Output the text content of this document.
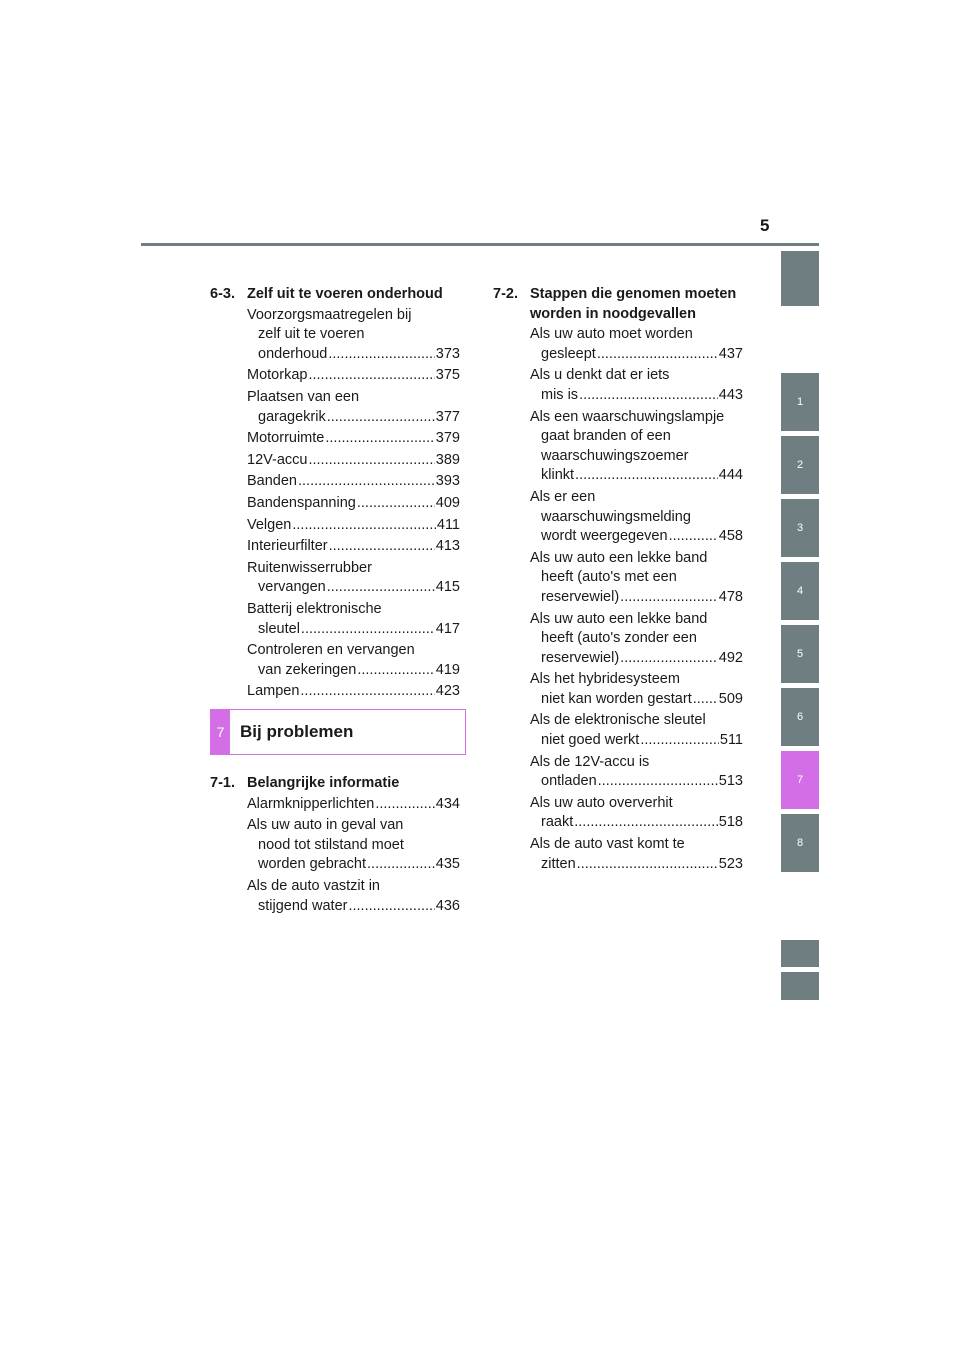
5
6-3. Zelf uit te voeren onderhoud
Voorzorgsmaatregelen bij
zelf uit te voeren
onderhoud .....	373
Motorkap .....	375
Plaatsen van een
garagekrik .....	377
Motorruimte .....	379
12V-accu .....	389
Banden .....	393
Bandenspanning .....	409
Velgen .....	411
Interieurfilter .....	413
Ruitenwisserrubber
vervangen .....	415
Batterij elektronische
sleutel .....	417
Controleren en vervangen
van zekeringen .....	419
Lampen .....	423
7 Bij problemen
7-1. Belangrijke informatie
Alarmknipperlichten .....	434
Als uw auto in geval van
nood tot stilstand moet
worden gebracht .....	435
Als de auto vastzit in
stijgend water .....	436
7-2. Stappen die genomen moeten
worden in noodgevallen
Als uw auto moet worden
gesleept .....	437
Als u denkt dat er iets
mis is .....	443
Als een waarschuwingslampje
gaat branden of een
waarschuwingszoemer
klinkt .....	444
Als er een
waarschuwingsmelding
wordt weergegeven .....	458
Als uw auto een lekke band
heeft (auto's met een
reservewiel) .....	478
Als uw auto een lekke band
heeft (auto's zonder een
reservewiel) .....	492
Als het hybridesysteem
niet kan worden gestart ..... 509
Als de elektronische sleutel
niet goed werkt .....	511
Als de 12V-accu is
ontladen .....	513
Als uw auto oververhit
raakt .....	518
Als de auto vast komt te
zitten .....	523
1
2
3
4
5
6
7
8
